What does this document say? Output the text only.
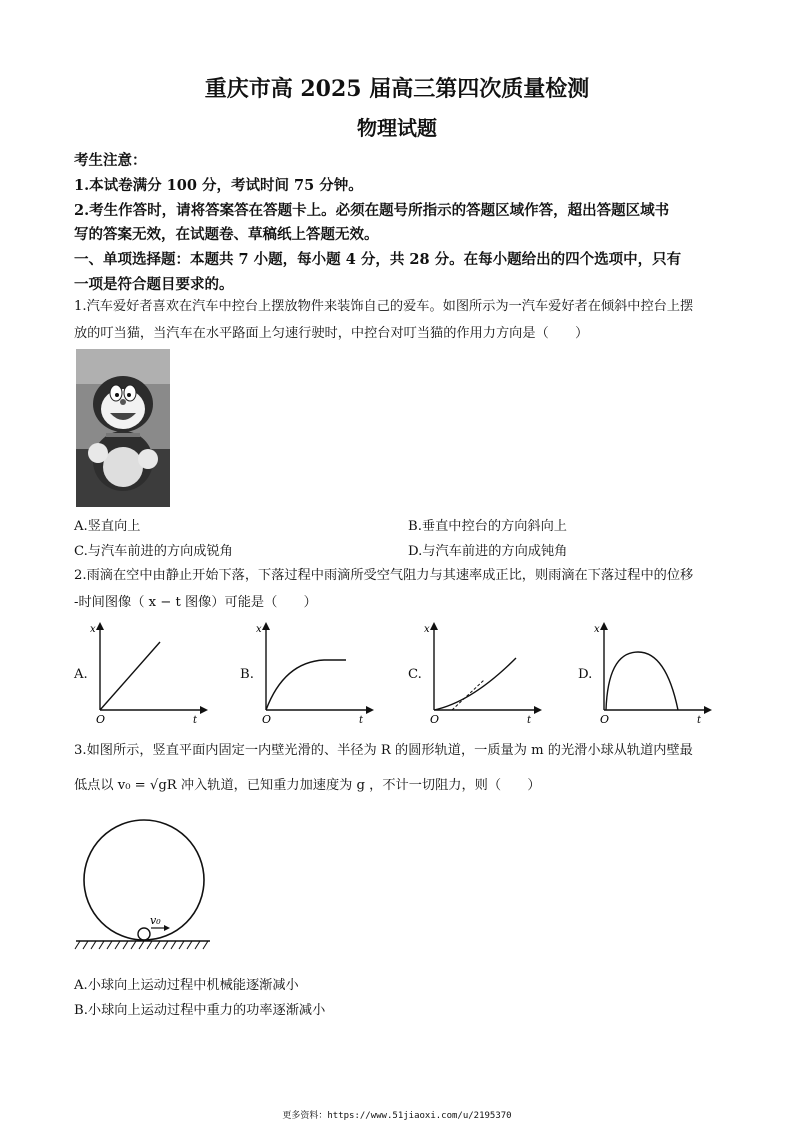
重庆市高 2025 届高三第四次质量检测
物理试题
考生注意：
1.本试卷满分 100 分，考试时间 75 分钟。
2.考生作答时，请将答案答在答题卡上。必须在题号所指示的答题区域作答，超出答题区域书
写的答案无效，在试题卷、草稿纸上答题无效。
一、单项选择题：本题共 7 小题，每小题 4 分，共 28 分。在每小题给出的四个选项中，只有
一项是符合题目要求的。
1.汽车爱好者喜欢在汽车中控台上摆放物件来装饰自己的爱车。如图所示为一汽车爱好者在倾斜中控台上摆
放的叮当猫，当汽车在水平路面上匀速行驶时，中控台对叮当猫的作用力方向是（　　）
A.竖直向上	B.垂直中控台的方向斜向上
C.与汽车前进的方向成锐角	D.与汽车前进的方向成钝角
2.雨滴在空中由静止开始下落，下落过程中雨滴所受空气阻力与其速率成正比，则雨滴在下落过程中的位移
-时间图像（ x − t 图像）可能是（　　）
A.
x
t
O
B.
x
t
O
C.
x
t
O
D.
x
t
O
3.如图所示，竖直平面内固定一内壁光滑的、半径为 R 的圆形轨道，一质量为 m 的光滑小球从轨道内壁最
低点以 v₀ = √gR 冲入轨道，已知重力加速度为 g ，不计一切阻力，则（　　）
v₀
A.小球向上运动过程中机械能逐渐减小
B.小球向上运动过程中重力的功率逐渐减小
更多资料：https://www.51jiaoxi.com/u/2195370
